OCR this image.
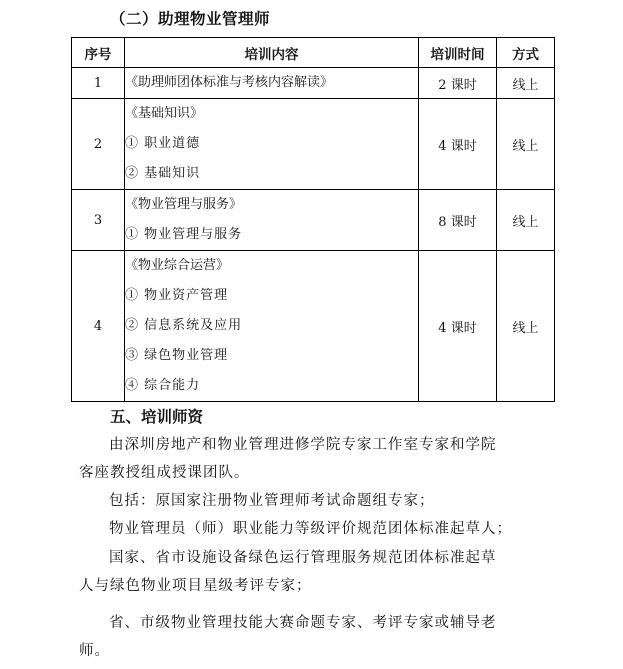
（二）助理物业管理师
序号	培训内容	培训时间	方式
1	《助理师团体标准与考核内容解读》	2 课时	线上
2	《基础知识》
① 职业道德
② 基础知识	4 课时	线上
3	《物业管理与服务》
① 物业管理与服务	8 课时	线上
4	《物业综合运营》
① 物业资产管理
② 信息系统及应用
③ 绿色物业管理
④ 综合能力	4 课时	线上
五、培训师资
由深圳房地产和物业管理进修学院专家工作室专家和学院
客座教授组成授课团队。
包括：原国家注册物业管理师考试命题组专家；
物业管理员（师）职业能力等级评价规范团体标准起草人；
国家、省市设施设备绿色运行管理服务规范团体标准起草
人与绿色物业项目星级考评专家；
省、市级物业管理技能大赛命题专家、考评专家或辅导老
师。
